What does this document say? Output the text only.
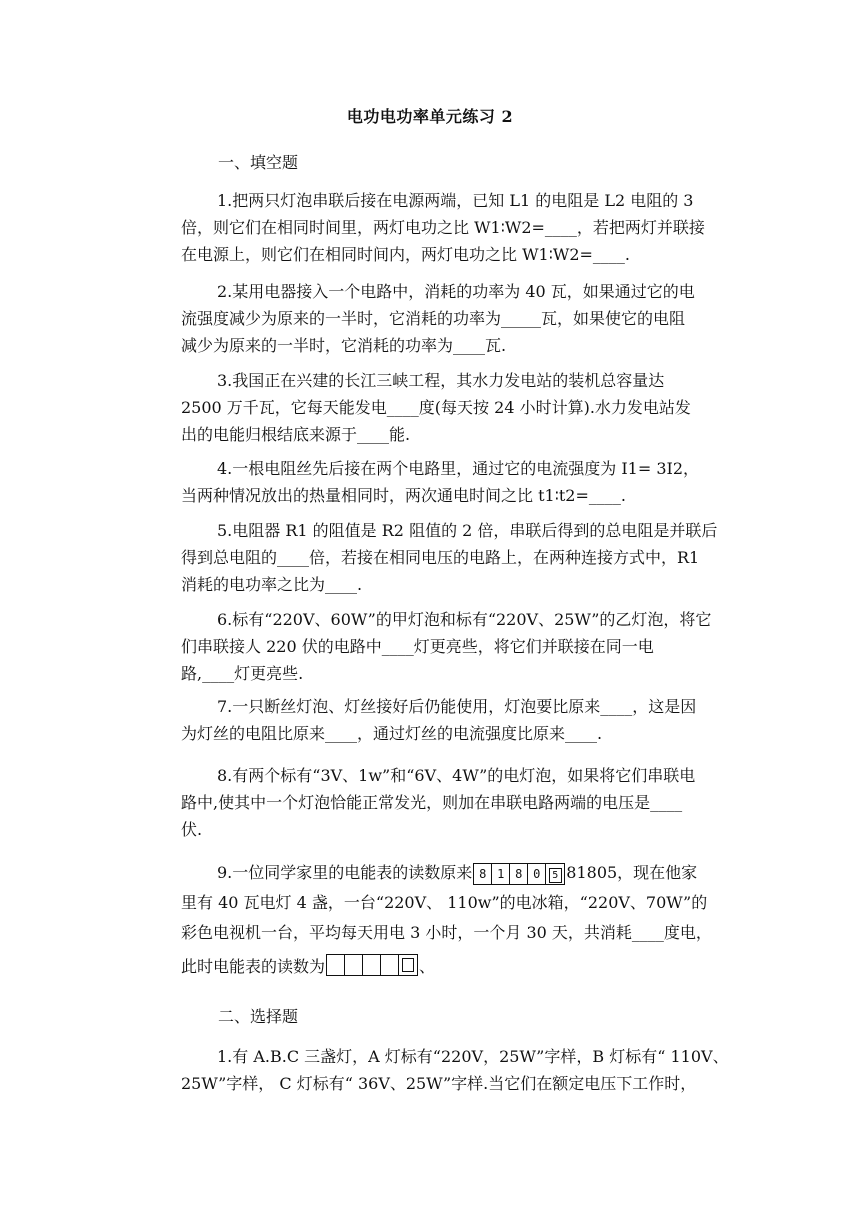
电功电功率单元练习 2
一、填空题
1.把两只灯泡串联后接在电源两端，已知 L1 的电阻是 L2 电阻的 3
倍，则它们在相同时间里，两灯电功之比 W1∶W2=____，若把两灯并联接
在电源上，则它们在相同时间内，两灯电功之比 W1∶W2=____.
2.某用电器接入一个电路中，消耗的功率为 40 瓦，如果通过它的电
流强度减少为原来的一半时，它消耗的功率为_____瓦，如果使它的电阻
减少为原来的一半时，它消耗的功率为____瓦.
3.我国正在兴建的长江三峡工程，其水力发电站的装机总容量达
2500 万千瓦，它每天能发电____度(每天按 24 小时计算).水力发电站发
出的电能归根结底来源于____能.
4.一根电阻丝先后接在两个电路里，通过它的电流强度为 I1= 3I2，
当两种情况放出的热量相同时，两次通电时间之比 t1∶t2=____.
5.电阻器 R1 的阻值是 R2 阻值的 2 倍，串联后得到的总电阻是并联后
得到总电阻的____倍，若接在相同电压的电路上，在两种连接方式中，R1
消耗的电功率之比为____.
6.标有“220V、60W”的甲灯泡和标有“220V、25W”的乙灯泡，将它
们串联接人 220 伏的电路中____灯更亮些，将它们并联接在同一电
路,____灯更亮些.
7.一只断丝灯泡、灯丝接好后仍能使用，灯泡要比原来____，这是因
为灯丝的电阻比原来____，通过灯丝的电流强度比原来____.
8.有两个标有“3V、1w”和“6V、4W”的电灯泡，如果将它们串联电
路中,使其中一个灯泡恰能正常发光，则加在串联电路两端的电压是____
伏.
9.一位同学家里的电能表的读数原来 8 1 8 0	5 81805，现在他家
里有 40 瓦电灯 4 盏，一台“220V、 110w”的电冰箱，“220V、70W”的
彩色电视机一台，平均每天用电 3 小时，一个月 30 天，共消耗____度电，
此时电能表的读数为	、
二、选择题
1.有 A.B.C 三盏灯，A 灯标有“220V，25W”字样，B 灯标有“ 110V、
25W”字样， C 灯标有“ 36V、25W”字样.当它们在额定电压下工作时，
